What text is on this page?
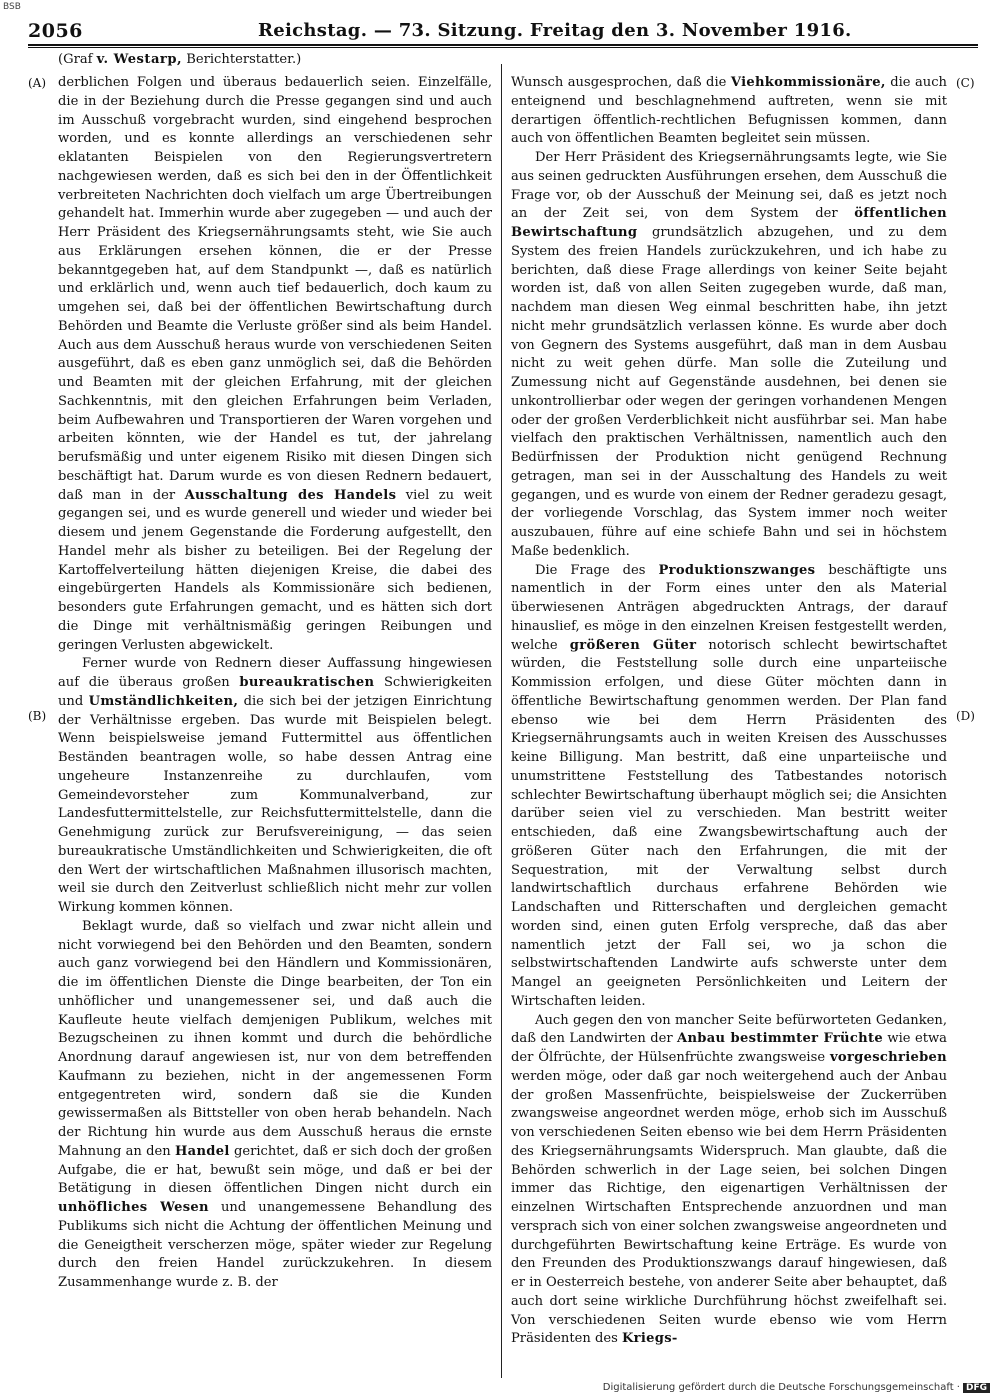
BSB
2056	Reichstag. — 73. Sitzung. Freitag den 3. November 1916.
(Graf v. Westarp, Berichterstatter.)
(A)
(B)
(C)
(D)

derblichen Folgen und überaus bedauerlich seien. Einzelfälle, die in der Beziehung durch die Presse gegangen sind und auch im Ausschuß vorgebracht wurden, sind eingehend besprochen worden, und es konnte allerdings an verschiedenen sehr eklatanten Beispielen von den Regierungsvertretern nachgewiesen werden, daß es sich bei den in der Öffentlichkeit verbreiteten Nachrichten doch vielfach um arge Übertreibungen gehandelt hat. Immerhin wurde aber zugegeben — und auch der Herr Präsident des Kriegsernährungsamts steht, wie Sie auch aus Erklärungen ersehen können, die er der Presse bekanntgegeben hat, auf dem Standpunkt —, daß es natürlich und erklärlich und, wenn auch tief bedauerlich, doch kaum zu umgehen sei, daß bei der öffentlichen Bewirtschaftung durch Behörden und Beamte die Verluste größer sind als beim Handel. Auch aus dem Ausschuß heraus wurde von verschiedenen Seiten ausgeführt, daß es eben ganz unmöglich sei, daß die Behörden und Beamten mit der gleichen Erfahrung, mit der gleichen Sachkenntnis, mit den gleichen Erfahrungen beim Verladen, beim Aufbewahren und Transportieren der Waren vorgehen und arbeiten könnten, wie der Handel es tut, der jahrelang berufsmäßig und unter eigenem Risiko mit diesen Dingen sich beschäftigt hat. Darum wurde es von diesen Rednern bedauert, daß man in der Ausschaltung des Handels viel zu weit gegangen sei, und es wurde generell und wieder und wieder bei diesem und jenem Gegenstande die Forderung aufgestellt, den Handel mehr als bisher zu beteiligen. Bei der Regelung der Kartoffelverteilung hätten diejenigen Kreise, die dabei des eingebürgerten Handels als Kommissionäre sich bedienen, besonders gute Erfahrungen gemacht, und es hätten sich dort die Dinge mit verhältnismäßig geringen Reibungen und geringen Verlusten abgewickelt.

Ferner wurde von Rednern dieser Auffassung hingewiesen auf die überaus großen bureaukratischen Schwierigkeiten und Umständlichkeiten, die sich bei der jetzigen Einrichtung der Verhältnisse ergeben. Das wurde mit Beispielen belegt. Wenn beispielsweise jemand Futtermittel aus öffentlichen Beständen beantragen wolle, so habe dessen Antrag eine ungeheure Instanzenreihe zu durchlaufen, vom Gemeindevorsteher zum Kommunalverband, zur Landesfuttermittelstelle, zur Reichsfuttermittelstelle, dann die Genehmigung zurück zur Berufsvereinigung, — das seien bureaukratische Umständlichkeiten und Schwierigkeiten, die oft den Wert der wirtschaftlichen Maßnahmen illusorisch machten, weil sie durch den Zeitverlust schließlich nicht mehr zur vollen Wirkung kommen können.

Beklagt wurde, daß so vielfach und zwar nicht allein und nicht vorwiegend bei den Behörden und den Beamten, sondern auch ganz vorwiegend bei den Händlern und Kommissionären, die im öffentlichen Dienste die Dinge bearbeiten, der Ton ein unhöflicher und unangemessener sei, und daß auch die Kaufleute heute vielfach demjenigen Publikum, welches mit Bezugscheinen zu ihnen kommt und durch die behördliche Anordnung darauf angewiesen ist, nur von dem betreffenden Kaufmann zu beziehen, nicht in der angemessenen Form entgegentreten wird, sondern daß sie die Kunden gewissermaßen als Bittsteller von oben herab behandeln. Nach der Richtung hin wurde aus dem Ausschuß heraus die ernste Mahnung an den Handel gerichtet, daß er sich doch der großen Aufgabe, die er hat, bewußt sein möge, und daß er bei der Betätigung in diesen öffentlichen Dingen nicht durch ein unhöfliches Wesen und unangemessene Behandlung des Publikums sich nicht die Achtung der öffentlichen Meinung und die Geneigtheit verscherzen möge, später wieder zur Regelung durch den freien Handel zurückzukehren. In diesem Zusammenhange wurde z. B. der

Wunsch ausgesprochen, daß die Viehkommissionäre, die auch enteignend und beschlagnehmend auftreten, wenn sie mit derartigen öffentlich-rechtlichen Befugnissen kommen, dann auch von öffentlichen Beamten begleitet sein müssen.

Der Herr Präsident des Kriegsernährungsamts legte, wie Sie aus seinen gedruckten Ausführungen ersehen, dem Ausschuß die Frage vor, ob der Ausschuß der Meinung sei, daß es jetzt noch an der Zeit sei, von dem System der öffentlichen Bewirtschaftung grundsätzlich abzugehen, und zu dem System des freien Handels zurückzukehren, und ich habe zu berichten, daß diese Frage allerdings von keiner Seite bejaht worden ist, daß von allen Seiten zugegeben wurde, daß man, nachdem man diesen Weg einmal beschritten habe, ihn jetzt nicht mehr grundsätzlich verlassen könne. Es wurde aber doch von Gegnern des Systems ausgeführt, daß man in dem Ausbau nicht zu weit gehen dürfe. Man solle die Zuteilung und Zumessung nicht auf Gegenstände ausdehnen, bei denen sie unkontrollierbar oder wegen der geringen vorhandenen Mengen oder der großen Verderblichkeit nicht ausführbar sei. Man habe vielfach den praktischen Verhältnissen, namentlich auch den Bedürfnissen der Produktion nicht genügend Rechnung getragen, man sei in der Ausschaltung des Handels zu weit gegangen, und es wurde von einem der Redner geradezu gesagt, der vorliegende Vorschlag, das System immer noch weiter auszubauen, führe auf eine schiefe Bahn und sei in höchstem Maße bedenklich.

Die Frage des Produktionszwanges beschäftigte uns namentlich in der Form eines unter den als Material überwiesenen Anträgen abgedruckten Antrags, der darauf hinauslief, es möge in den einzelnen Kreisen festgestellt werden, welche größeren Güter notorisch schlecht bewirtschaftet würden, die Feststellung solle durch eine unparteiische Kommission erfolgen, und diese Güter möchten dann in öffentliche Bewirtschaftung genommen werden. Der Plan fand ebenso wie bei dem Herrn Präsidenten des Kriegsernährungsamts auch in weiten Kreisen des Ausschusses keine Billigung. Man bestritt, daß eine unparteiische und unumstrittene Feststellung des Tatbestandes notorisch schlechter Bewirtschaftung überhaupt möglich sei; die Ansichten darüber seien viel zu verschieden. Man bestritt weiter entschieden, daß eine Zwangsbewirtschaftung auch der größeren Güter nach den Erfahrungen, die mit der Sequestration, mit der Verwaltung selbst durch landwirtschaftlich durchaus erfahrene Behörden wie Landschaften und Ritterschaften und dergleichen gemacht worden sind, einen guten Erfolg verspreche, daß das aber namentlich jetzt der Fall sei, wo ja schon die selbstwirtschaftenden Landwirte aufs schwerste unter dem Mangel an geeigneten Persönlichkeiten und Leitern der Wirtschaften leiden.

Auch gegen den von mancher Seite befürworteten Gedanken, daß den Landwirten der Anbau bestimmter Früchte wie etwa der Ölfrüchte, der Hülsenfrüchte zwangsweise vorgeschrieben werden möge, oder daß gar noch weitergehend auch der Anbau der großen Massenfrüchte, beispielsweise der Zuckerrüben zwangsweise angeordnet werden möge, erhob sich im Ausschuß von verschiedenen Seiten ebenso wie bei dem Herrn Präsidenten des Kriegsernährungsamts Widerspruch. Man glaubte, daß die Behörden schwerlich in der Lage seien, bei solchen Dingen immer das Richtige, den eigenartigen Verhältnissen der einzelnen Wirtschaften Entsprechende anzuordnen und man versprach sich von einer solchen zwangsweise angeordneten und durchgeführten Bewirtschaftung keine Erträge. Es wurde von den Freunden des Produktionszwangs darauf hingewiesen, daß er in Oesterreich bestehe, von anderer Seite aber behauptet, daß auch dort seine wirkliche Durchführung höchst zweifelhaft sei. Von verschiedenen Seiten wurde ebenso wie vom Herrn Präsidenten des Kriegs-

Digitalisierung gefördert durch die Deutsche Forschungsgemeinschaft · DFG
